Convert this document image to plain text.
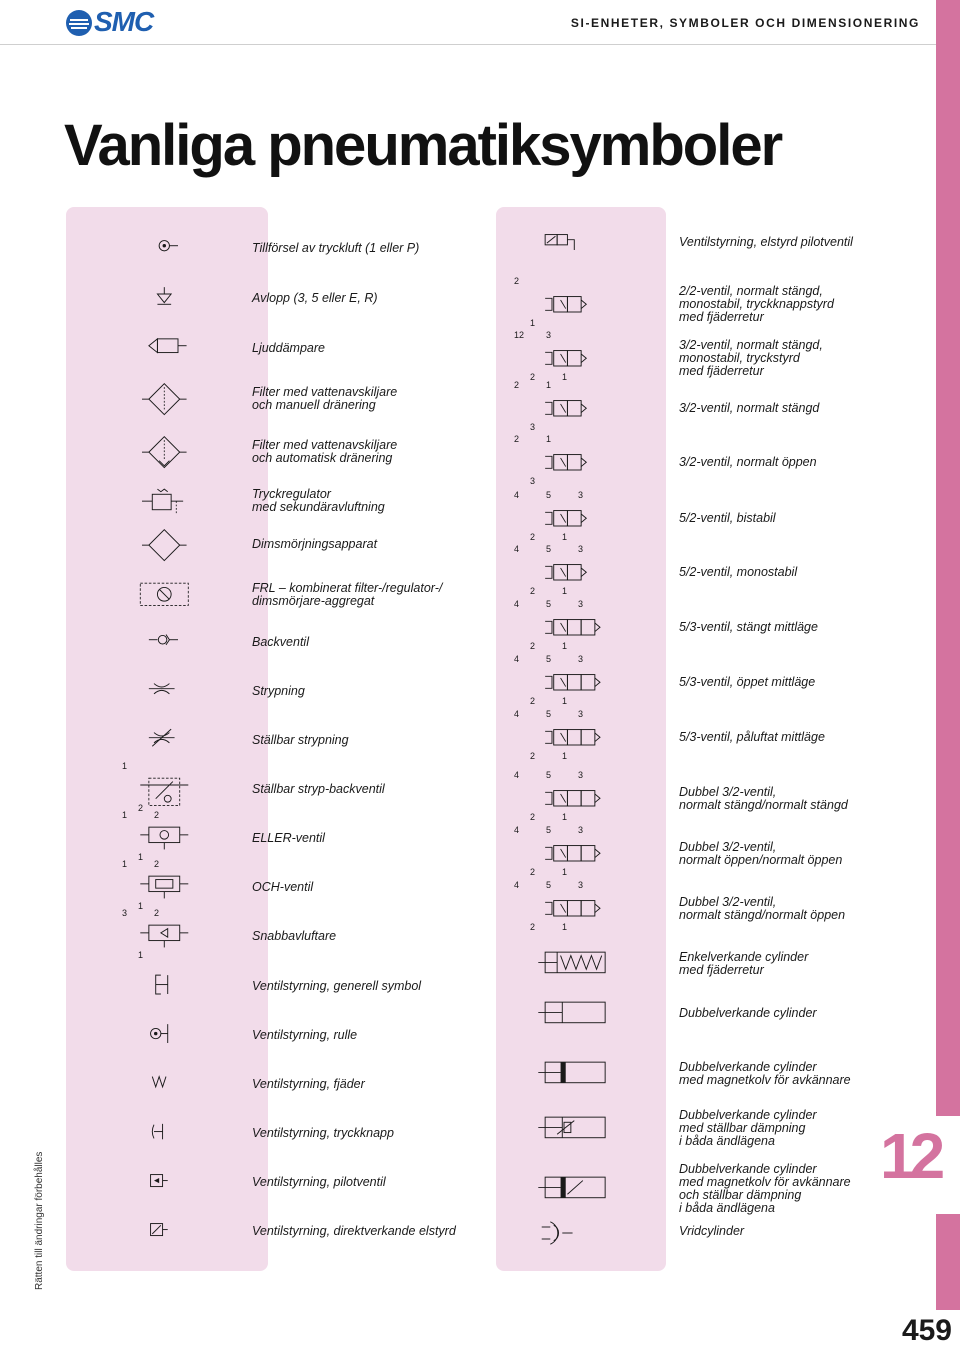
SMC	SI-ENHETER, SYMBOLER OCH DIMENSIONERING
12
459
Rätten till ändringar förbehålles
Vanliga pneumatiksymboler
Tillförsel av tryckluft (1 eller P)
Avlopp (3, 5 eller E, R)
Ljuddämpare
Filter med vattenavskiljare
och manuell dränering
Filter med vattenavskiljare
och automatisk dränering
Tryckregulator
med sekundäravluftning
Dimsmörjningsapparat
FRL – kombinerat filter-/regulator-/
dimsmörjare-aggregat
Backventil
Strypning
Ställbar strypning
1
2
Ställbar stryp-backventil
1
1
2
ELLER-ventil
1
1
2
OCH-ventil
3
1
2
Snabbavluftare
Ventilstyrning, generell symbol
Ventilstyrning, rulle
Ventilstyrning, fjäder
Ventilstyrning, tryckknapp
Ventilstyrning, pilotventil
Ventilstyrning, direktverkande elstyrd
Ventilstyrning, elstyrd pilotventil
2
1
2/2-ventil, normalt stängd,
monostabil, tryckknappstyrd
med fjäderretur
12
2
3
1
3/2-ventil, normalt stängd,
monostabil, tryckstyrd
med fjäderretur
2
3
1
3/2-ventil, normalt stängd
2
3
1
3/2-ventil, normalt öppen
4
2
5
1
3
5/2-ventil, bistabil
4
2
5
1
3
5/2-ventil, monostabil
4
2
5
1
3
5/3-ventil, stängt mittläge
4
2
5
1
3
5/3-ventil, öppet mittläge
4
2
5
1
3
5/3-ventil, påluftat mittläge
4
2
5
1
3
Dubbel 3/2-ventil,
normalt stängd/normalt stängd
4
2
5
1
3
Dubbel 3/2-ventil,
normalt öppen/normalt öppen
4
2
5
1
3
Dubbel 3/2-ventil,
normalt stängd/normalt öppen
Enkelverkande cylinder
med fjäderretur
Dubbelverkande cylinder
Dubbelverkande cylinder
med magnetkolv för avkännare
Dubbelverkande cylinder
med ställbar dämpning
i båda ändlägena
Dubbelverkande cylinder
med magnetkolv för avkännare
och ställbar dämpning
i båda ändlägena
Vridcylinder
